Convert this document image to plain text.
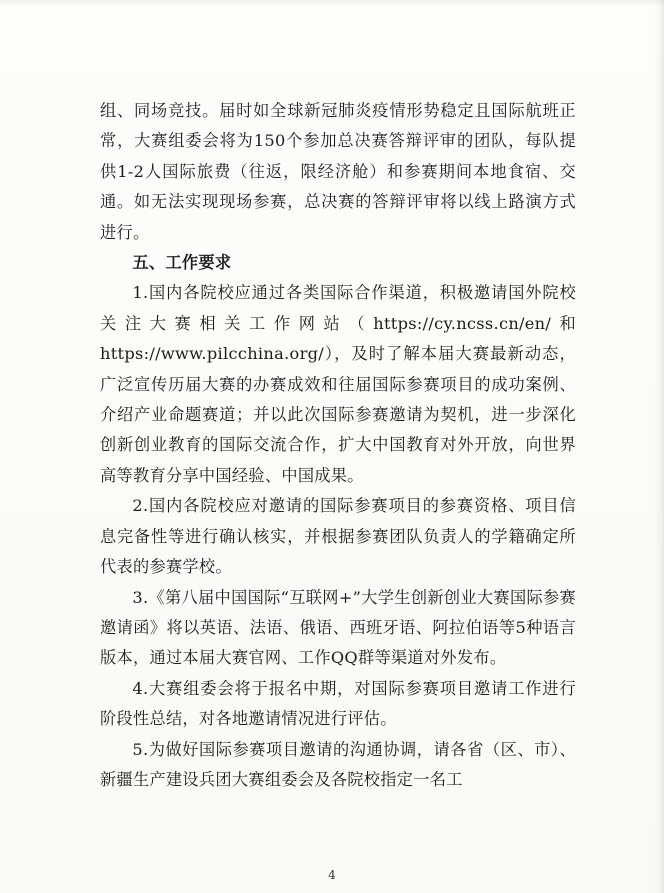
组、同场竞技。届时如全球新冠肺炎疫情形势稳定且国际航班正常，大赛组委会将为150个参加总决赛答辩评审的团队，每队提供1-2人国际旅费（往返，限经济舱）和参赛期间本地食宿、交通。如无法实现现场参赛，总决赛的答辩评审将以线上路演方式进行。

五、工作要求

1.国内各院校应通过各类国际合作渠道，积极邀请国外院校关注大赛相关工作网站（https://cy.ncss.cn/en/和 https://www.pilcchina.org/），及时了解本届大赛最新动态，广泛宣传历届大赛的办赛成效和往届国际参赛项目的成功案例、介绍产业命题赛道；并以此次国际参赛邀请为契机，进一步深化创新创业教育的国际交流合作，扩大中国教育对外开放，向世界高等教育分享中国经验、中国成果。

2.国内各院校应对邀请的国际参赛项目的参赛资格、项目信息完备性等进行确认核实，并根据参赛团队负责人的学籍确定所代表的参赛学校。

3.《第八届中国国际“互联网+”大学生创新创业大赛国际参赛邀请函》将以英语、法语、俄语、西班牙语、阿拉伯语等5种语言版本，通过本届大赛官网、工作QQ群等渠道对外发布。

4.大赛组委会将于报名中期，对国际参赛项目邀请工作进行阶段性总结，对各地邀请情况进行评估。

5.为做好国际参赛项目邀请的沟通协调，请各省（区、市）、新疆生产建设兵团大赛组委会及各院校指定一名工

4
